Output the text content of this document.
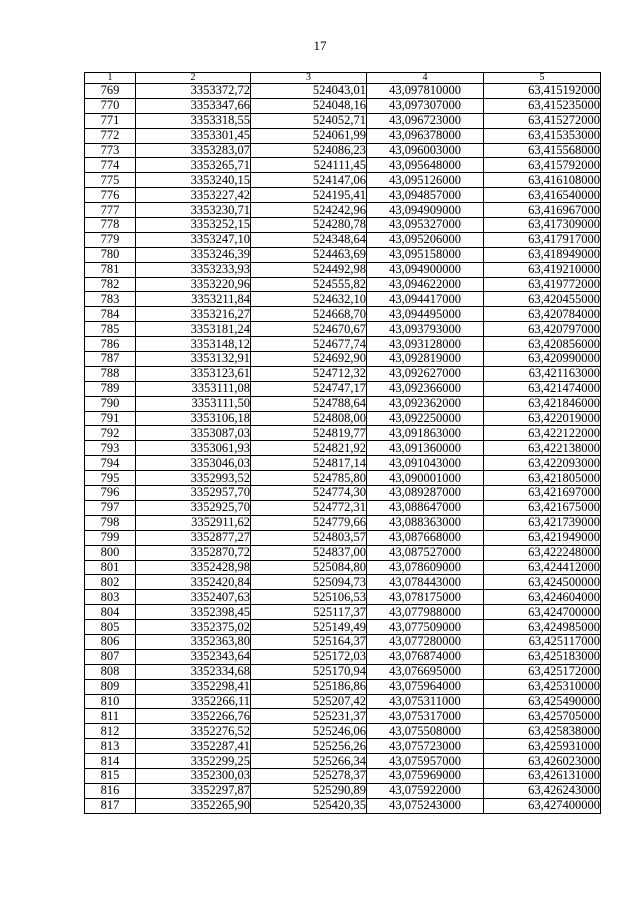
17
1	2	3	4	5
769	3353372,72	524043,01	43,097810000	63,415192000
770	3353347,66	524048,16	43,097307000	63,415235000
771	3353318,55	524052,71	43,096723000	63,415272000
772	3353301,45	524061,99	43,096378000	63,415353000
773	3353283,07	524086,23	43,096003000	63,415568000
774	3353265,71	524111,45	43,095648000	63,415792000
775	3353240,15	524147,06	43,095126000	63,416108000
776	3353227,42	524195,41	43,094857000	63,416540000
777	3353230,71	524242,96	43,094909000	63,416967000
778	3353252,15	524280,78	43,095327000	63,417309000
779	3353247,10	524348,64	43,095206000	63,417917000
780	3353246,39	524463,69	43,095158000	63,418949000
781	3353233,93	524492,98	43,094900000	63,419210000
782	3353220,96	524555,82	43,094622000	63,419772000
783	3353211,84	524632,10	43,094417000	63,420455000
784	3353216,27	524668,70	43,094495000	63,420784000
785	3353181,24	524670,67	43,093793000	63,420797000
786	3353148,12	524677,74	43,093128000	63,420856000
787	3353132,91	524692,90	43,092819000	63,420990000
788	3353123,61	524712,32	43,092627000	63,421163000
789	3353111,08	524747,17	43,092366000	63,421474000
790	3353111,50	524788,64	43,092362000	63,421846000
791	3353106,18	524808,00	43,092250000	63,422019000
792	3353087,03	524819,77	43,091863000	63,422122000
793	3353061,93	524821,92	43,091360000	63,422138000
794	3353046,03	524817,14	43,091043000	63,422093000
795	3352993,52	524785,80	43,090001000	63,421805000
796	3352957,70	524774,30	43,089287000	63,421697000
797	3352925,70	524772,31	43,088647000	63,421675000
798	3352911,62	524779,66	43,088363000	63,421739000
799	3352877,27	524803,57	43,087668000	63,421949000
800	3352870,72	524837,00	43,087527000	63,422248000
801	3352428,98	525084,80	43,078609000	63,424412000
802	3352420,84	525094,73	43,078443000	63,424500000
803	3352407,63	525106,53	43,078175000	63,424604000
804	3352398,45	525117,37	43,077988000	63,424700000
805	3352375,02	525149,49	43,077509000	63,424985000
806	3352363,80	525164,37	43,077280000	63,425117000
807	3352343,64	525172,03	43,076874000	63,425183000
808	3352334,68	525170,94	43,076695000	63,425172000
809	3352298,41	525186,86	43,075964000	63,425310000
810	3352266,11	525207,42	43,075311000	63,425490000
811	3352266,76	525231,37	43,075317000	63,425705000
812	3352276,52	525246,06	43,075508000	63,425838000
813	3352287,41	525256,26	43,075723000	63,425931000
814	3352299,25	525266,34	43,075957000	63,426023000
815	3352300,03	525278,37	43,075969000	63,426131000
816	3352297,87	525290,89	43,075922000	63,426243000
817	3352265,90	525420,35	43,075243000	63,427400000
